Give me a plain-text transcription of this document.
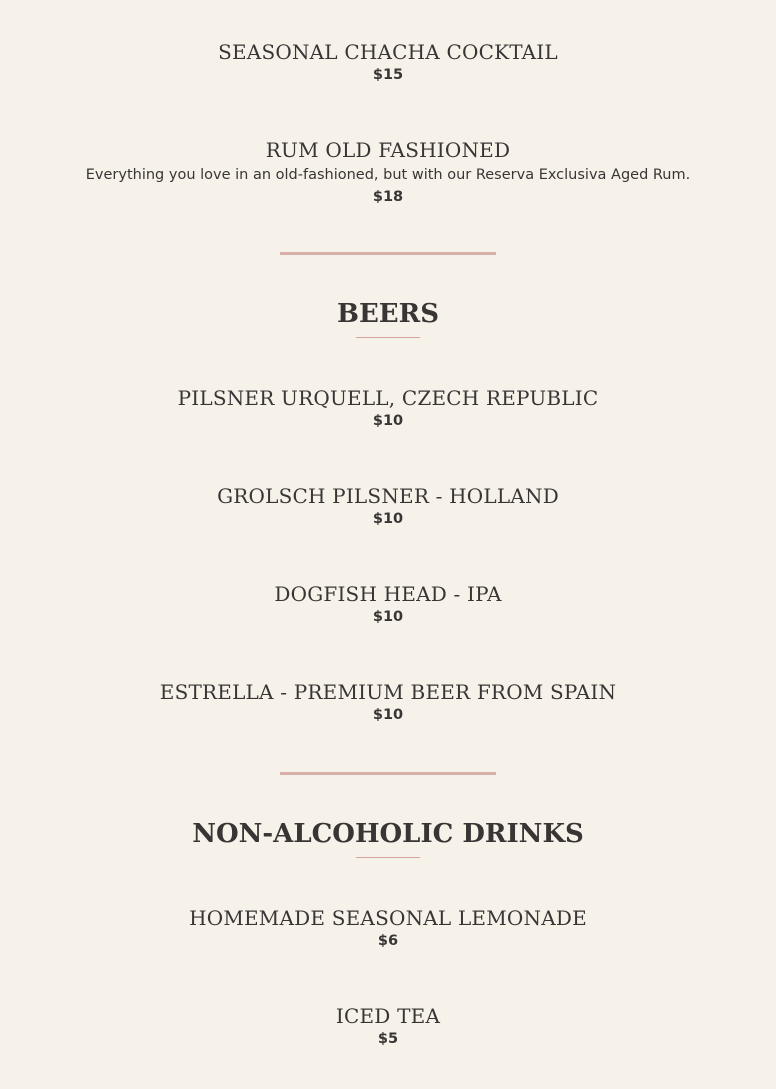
SEASONAL CHACHA COCKTAIL
$15
RUM OLD FASHIONED
Everything you love in an old-fashioned, but with our Reserva Exclusiva Aged Rum.
$18
BEERS
PILSNER URQUELL, CZECH REPUBLIC
$10
GROLSCH PILSNER - HOLLAND
$10
DOGFISH HEAD - IPA
$10
ESTRELLA - PREMIUM BEER FROM SPAIN
$10
NON-ALCOHOLIC DRINKS
HOMEMADE SEASONAL LEMONADE
$6
ICED TEA
$5
